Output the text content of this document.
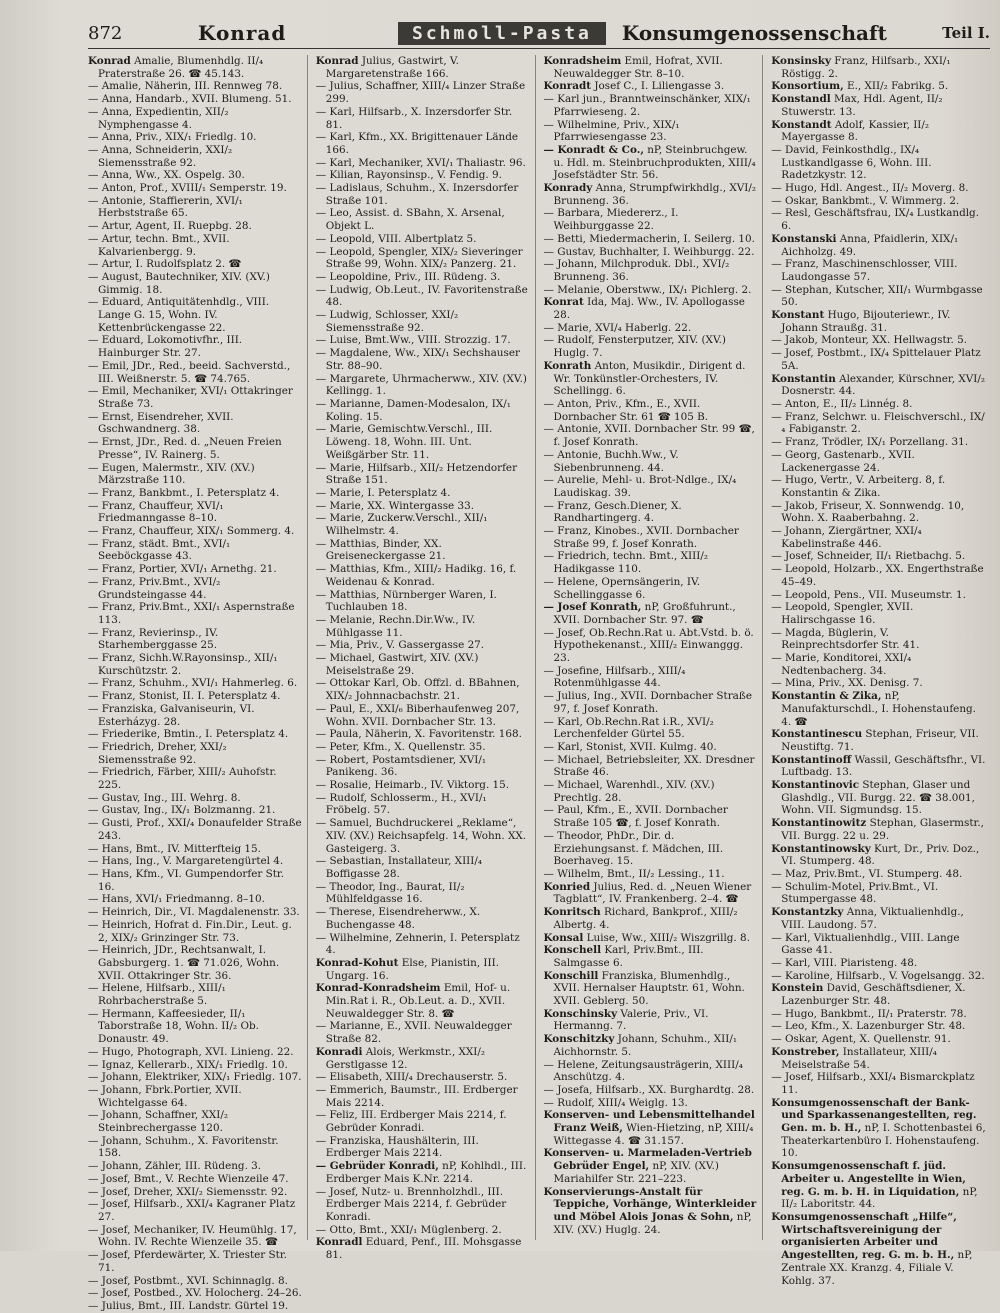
872	Konrad	Schmoll-Pasta	Konsumgenossenschaft	Teil I.

Konrad Amalie, Blumenhdlg. II/₄ Praterstraße 26. ☎ 45.143.

— Amalie, Näherin, III. Rennweg 78.

— Anna, Handarb., XVII. Blumeng. 51.

— Anna, Expedientin, XII/₂ Nymphengasse 4.

— Anna, Priv., XIX/₁ Friedlg. 10.

— Anna, Schneiderin, XXI/₂ Siemensstraße 92.

— Anna, Ww., XX. Ospelg. 30.

— Anton, Prof., XVIII/₁ Semperstr. 19.

— Antonie, Staffiererin, XVI/₁ Herbststraße 65.

— Artur, Agent, II. Ruepbg. 28.

— Artur, techn. Bmt., XVII. Kalvarienbergg. 9.

— Artur, I. Rudolfsplatz 2. ☎

— August, Bautechniker, XIV. (XV.) Gimmig. 18.

— Eduard, Antiquitätenhdlg., VIII. Lange G. 15, Wohn. IV. Kettenbrückengasse 22.

— Eduard, Lokomotivfhr., III. Hainburger Str. 27.

— Emil, JDr., Red., beeid. Sachverstd., III. Weißnerstr. 5. ☎ 74.765.

— Emil, Mechaniker, XVI/₁ Ottakringer Straße 73.

— Ernst, Eisendreher, XVII. Gschwandnerg. 38.

— Ernst, JDr., Red. d. „Neuen Freien Presse“, IV. Rainerg. 5.

— Eugen, Malermstr., XIV. (XV.) Märzstraße 110.

— Franz, Bankbmt., I. Petersplatz 4.

— Franz, Chauffeur, XVI/₁ Friedmanngasse 8–10.

— Franz, Chauffeur, XIX/₁ Sommerg. 4.

— Franz, städt. Bmt., XVI/₁ Seeböckgasse 43.

— Franz, Portier, XVI/₁ Arnethg. 21.

— Franz, Priv.Bmt., XVI/₂ Grundsteingasse 44.

— Franz, Priv.Bmt., XXI/₁ Aspernstraße 113.

— Franz, Revierinsp., IV. Starhemberggasse 25.

— Franz, Sichh.W.Rayonsinsp., XII/₁ Kurschützstr. 2.

— Franz, Schuhm., XVI/₁ Hahmerleg. 6.

— Franz, Stonist, II. I. Petersplatz 4.

— Franziska, Galvaniseurin, VI. Esterházyg. 28.

— Friederike, Bmtin., I. Petersplatz 4.

— Friedrich, Dreher, XXI/₂ Siemensstraße 92.

— Friedrich, Färber, XIII/₂ Auhofstr. 225.

— Gustav, Ing., III. Wehrg. 8.

— Gustav, Ing., IX/₁ Bolzmanng. 21.

— Gusti, Prof., XXI/₄ Donaufelder Straße 243.

— Hans, Bmt., IV. Mitterfteig 15.

— Hans, Ing., V. Margaretengürtel 4.

— Hans, Kfm., VI. Gumpendorfer Str. 16.

— Hans, XVI/₁ Friedmanng. 8–10.

— Heinrich, Dir., VI. Magdalenenstr. 33.

— Heinrich, Hofrat d. Fin.Dir., Leut. g. 2, XIX/₂ Grinzinger Str. 73.

— Heinrich, JDr., Rechtsanwalt, I. Gabsburgerg. 1. ☎ 71.026, Wohn. XVII. Ottakringer Str. 36.

— Helene, Hilfsarb., XIII/₁ Rohrbacherstraße 5.

— Hermann, Kaffeesieder, II/₁ Taborstraße 18, Wohn. II/₂ Ob. Donaustr. 49.

— Hugo, Photograph, XVI. Linieng. 22.

— Ignaz, Kellerarb., XIX/₁ Friedlg. 10.

— Johann, Elektriker, XIX/₁ Friedlg. 107.

— Johann, Fbrk.Portier, XVII. Wichtelgasse 64.

— Johann, Schaffner, XXI/₂ Steinbrechergasse 120.

— Johann, Schuhm., X. Favoritenstr. 158.

— Johann, Zähler, III. Rüdeng. 3.

— Josef, Bmt., V. Rechte Wienzeile 47.

— Josef, Dreher, XXI/₂ Siemensstr. 92.

— Josef, Hilfsarb., XXI/₄ Kagraner Platz 27.

— Josef, Mechaniker, IV. Heumühlg. 17, Wohn. IV. Rechte Wienzeile 35. ☎

— Josef, Pferdewärter, X. Triester Str. 71.

— Josef, Postbmt., XVI. Schinnaglg. 8.

— Josef, Postbed., XV. Holocherg. 24–26.

— Julius, Bmt., III. Landstr. Gürtel 19.

Konrad Julius, Gastwirt, V. Margaretenstraße 166.

— Julius, Schaffner, XIII/₄ Linzer Straße 299.

— Karl, Hilfsarb., X. Inzersdorfer Str. 81.

— Karl, Kfm., XX. Brigittenauer Lände 166.

— Karl, Mechaniker, XVI/₁ Thaliastr. 96.

— Kilian, Rayonsinsp., V. Fendig. 9.

— Ladislaus, Schuhm., X. Inzersdorfer Straße 101.

— Leo, Assist. d. SBahn, X. Arsenal, Objekt L.

— Leopold, VIII. Albertplatz 5.

— Leopold, Spengler, XIX/₂ Sieveringer Straße 99, Wohn. XIX/₂ Panzerg. 21.

— Leopoldine, Priv., III. Rüdeng. 3.

— Ludwig, Ob.Leut., IV. Favoritenstraße 48.

— Ludwig, Schlosser, XXI/₂ Siemensstraße 92.

— Luise, Bmt.Ww., VIII. Strozzig. 17.

— Magdalene, Ww., XIX/₁ Sechshauser Str. 88–90.

— Margarete, Uhrmacherww., XIV. (XV.) Kellingg. 1.

— Marianne, Damen-Modesalon, IX/₁ Koling. 15.

— Marie, Gemischtw.Verschl., III. Löweng. 18, Wohn. III. Unt. Weißgärber Str. 11.

— Marie, Hilfsarb., XII/₂ Hetzendorfer Straße 151.

— Marie, I. Petersplatz 4.

— Marie, XX. Wintergasse 33.

— Marie, Zuckerw.Verschl., XII/₁ Wilhelmstr. 4.

— Matthias, Binder, XX. Greiseneckergasse 21.

— Matthias, Kfm., XIII/₂ Hadikg. 16, f. Weidenau & Konrad.

— Matthias, Nürnberger Waren, I. Tuchlauben 18.

— Melanie, Rechn.Dir.Ww., IV. Mühlgasse 11.

— Mia, Priv., V. Gassergasse 27.

— Michael, Gastwirt, XIV. (XV.) Meiselstraße 29.

— Ottokar Karl, Ob. Offzl. d. BBahnen, XIX/₂ Johnnacbachstr. 21.

— Paul, E., XXI/₆ Biberhaufenweg 207, Wohn. XVII. Dornbacher Str. 13.

— Paula, Näherin, X. Favoritenstr. 168.

— Peter, Kfm., X. Quellenstr. 35.

— Robert, Postamtsdiener, XVI/₁ Panikeng. 36.

— Rosalie, Heimarb., IV. Viktorg. 15.

— Rudolf, Schlosserm., H., XVI/₁ Fröbelg. 57.

— Samuel, Buchdruckerei „Reklame“, XIV. (XV.) Reichsapfelg. 14, Wohn. XX. Gasteigerg. 3.

— Sebastian, Installateur, XIII/₄ Boffigasse 28.

— Theodor, Ing., Baurat, II/₂ Mühlfeldgasse 16.

— Therese, Eisendreherww., X. Buchengasse 48.

— Wilhelmine, Zehnerin, I. Petersplatz 4.

Konrad-Kohut Else, Pianistin, III. Ungarg. 16.

Konrad-Konradsheim Emil, Hof- u. Min.Rat i. R., Ob.Leut. a. D., XVII. Neuwaldegger Str. 8. ☎

— Marianne, E., XVII. Neuwaldegger Straße 82.

Konradi Alois, Werkmstr., XXI/₂ Gerstlgasse 12.

— Elisabeth, XIII/₄ Drechauserstr. 5.

— Emmerich, Baumstr., III. Erdberger Mais 2214.

— Feliz, III. Erdberger Mais 2214, f. Gebrüder Konradi.

— Franziska, Haushälterin, III. Erdberger Mais 2214.

— Gebrüder Konradi, nP, Kohlhdl., III. Erdberger Mais K.Nr. 2214.

— Josef, Nutz- u. Brennholzhdl., III. Erdberger Mais 2214, f. Gebrüder Konradi.

— Otto, Bmt., XXI/₁ Müglenberg. 2.

Konradl Eduard, Penf., III. Mohsgasse 81.

Konradsheim Emil, Hofrat, XVII. Neuwaldegger Str. 8–10.

Konradt Josef C., I. Liliengasse 3.

— Karl jun., Branntweinschänker, XIX/₁ Pfarrwieseng. 2.

— Wilhelmine, Priv., XIX/₁ Pfarrwiesengasse 23.

— Konradt & Co., nP, Steinbruchgew. u. Hdl. m. Steinbruchprodukten, XIII/₄ Josefstädter Str. 56.

Konrady Anna, Strumpfwirkhdlg., XVI/₂ Brunneng. 36.

— Barbara, Miedererz., I. Weihburggasse 22.

— Betti, Miedermacherin, I. Seilerg. 10.

— Gustav, Buchhalter, I. Weihburgg. 22.

— Johann, Milchproduk. Dbl., XVI/₂ Brunneng. 36.

— Melanie, Oberstww., IX/₁ Pichlerg. 2.

Konrat Ida, Maj. Ww., IV. Apollogasse 28.

— Marie, XVI/₄ Haberlg. 22.

— Rudolf, Fensterputzer, XIV. (XV.) Huglg. 7.

Konrath Anton, Musikdir., Dirigent d. Wr. Tonkünstler-Orchesters, IV. Schellingg. 6.

— Anton, Priv., Kfm., E., XVII. Dornbacher Str. 61 ☎ 105 B.

— Antonie, XVII. Dornbacher Str. 99 ☎, f. Josef Konrath.

— Antonie, Buchh.Ww., V. Siebenbrunneng. 44.

— Aurelie, Mehl- u. Brot-Ndlge., IX/₄ Laudiskag. 39.

— Franz, Gesch.Diener, X. Randhartingerg. 4.

— Franz, Kinobes., XVII. Dornbacher Straße 99, f. Josef Konrath.

— Friedrich, techn. Bmt., XIII/₂ Hadikgasse 110.

— Helene, Opernsängerin, IV. Schellinggasse 6.

— Josef Konrath, nP, Großfuhrunt., XVII. Dornbacher Str. 97. ☎

— Josef, Ob.Rechn.Rat u. Abt.Vstd. b. ö. Hypothekenanst., XIII/₂ Einwanggg. 23.

— Josefine, Hilfsarb., XIII/₄ Rotenmühlgasse 44.

— Julius, Ing., XVII. Dornbacher Straße 97, f. Josef Konrath.

— Karl, Ob.Rechn.Rat i.R., XVI/₂ Lerchenfelder Gürtel 55.

— Karl, Stonist, XVII. Kulmg. 40.

— Michael, Betriebsleiter, XX. Dresdner Straße 46.

— Michael, Warenhdl., XIV. (XV.) Prechtlg. 28.

— Paul, Kfm., E., XVII. Dornbacher Straße 105 ☎, f. Josef Konrath.

— Theodor, PhDr., Dir. d. Erziehungsanst. f. Mädchen, III. Boerhaveg. 15.

— Wilhelm, Bmt., II/₂ Lessing., 11.

Konried Julius, Red. d. „Neuen Wiener Tagblatt“, IV. Frankenberg. 2–4. ☎

Konritsch Richard, Bankprof., XIII/₂ Albertg. 4.

Konsal Luise, Ww., XIII/₂ Wiszgrillg. 8.

Konschell Karl, Priv.Bmt., III. Salmgasse 6.

Konschill Franziska, Blumenhdlg., XVII. Hernalser Hauptstr. 61, Wohn. XVII. Geblerg. 50.

Konschinsky Valerie, Priv., VI. Hermanng. 7.

Konschitzky Johann, Schuhm., XII/₁ Aichhornstr. 5.

— Helene, Zeitungsausträgerin, XIII/₄ Anschützg. 4.

— Josefa, Hilfsarb., XX. Burghardtg. 28.

— Rudolf, XIII/₄ Weiglg. 13.

Konserven- und Lebensmittelhandel Franz Weiß, Wien-Hietzing, nP, XIII/₄ Wittegasse 4. ☎ 31.157.

Konserven- u. Marmeladen-Vertrieb Gebrüder Engel, nP, XIV. (XV.) Mariahilfer Str. 221–223.

Konservierungs-Anstalt für Teppiche, Vorhänge, Winterkleider und Möbel Alois Jonas & Sohn, nP, XIV. (XV.) Huglg. 24.

Konsinsky Franz, Hilfsarb., XXI/₁ Röstigg. 2.

Konsortium, E., XII/₂ Fabrikg. 5.

Konstandl Max, Hdl. Agent, II/₂ Stuwerstr. 13.

Konstandt Adolf, Kassier, II/₂ Mayergasse 8.

— David, Feinkosthdlg., IX/₄ Lustkandlgasse 6, Wohn. III. Radetzkystr. 12.

— Hugo, Hdl. Angest., II/₂ Moverg. 8.

— Oskar, Bankbmt., V. Wimmerg. 2.

— Resl, Geschäftsfrau, IX/₄ Lustkandlg. 6.

Konstanski Anna, Pfaidlerin, XIX/₁ Aichholzg. 49.

— Franz, Maschinenschlosser, VIII. Laudongasse 57.

— Stephan, Kutscher, XII/₁ Wurmbgasse 50.

Konstant Hugo, Bijouteriewr., IV. Johann Straußg. 31.

— Jakob, Monteur, XX. Hellwagstr. 5.

— Josef, Postbmt., IX/₄ Spittelauer Platz 5A.

Konstantin Alexander, Kürschner, XVI/₂ Dosnerstr. 44.

— Anton, E., II/₂ Linnég. 8.

— Franz, Selchwr. u. Fleischverschl., IX/₄ Fabiganstr. 2.

— Franz, Trödler, IX/₁ Porzellang. 31.

— Georg, Gastenarb., XVII. Lackenergasse 24.

— Hugo, Vertr., V. Arbeiterg. 8, f. Konstantin & Zika.

— Jakob, Friseur, X. Sonnwendg. 10, Wohn. X. Raaberbahng. 2.

— Johann, Ziergärtner, XXI/₄ Kabelinstraße 446.

— Josef, Schneider, II/₁ Rietbachg. 5.

— Leopold, Holzarb., XX. Engerthstraße 45–49.

— Leopold, Pens., VII. Museumstr. 1.

— Leopold, Spengler, XVII. Halirschgasse 16.

— Magda, Büglerin, V. Reinprechtsdorfer Str. 41.

— Marie, Konditorei, XXI/₄ Nedtenbacherg. 34.

— Mina, Priv., XX. Denisg. 7.

Konstantin & Zika, nP, Manufakturschdl., I. Hohenstaufeng. 4. ☎

Konstantinescu Stephan, Friseur, VII. Neustiftg. 71.

Konstantinoff Wassil, Geschäftsfhr., VI. Luftbadg. 13.

Konstantinovic Stephan, Glaser und Glashdlg., VII. Burgg. 22. ☎ 38.001, Wohn. VII. Sigmundsg. 15.

Konstantinowitz Stephan, Glasermstr., VII. Burgg. 22 u. 29.

Konstantinowsky Kurt, Dr., Priv. Doz., VI. Stumperg. 48.

— Maz, Priv.Bmt., VI. Stumperg. 48.

— Schulim-Motel, Priv.Bmt., VI. Stumpergasse 48.

Konstantzky Anna, Viktualienhdlg., VIII. Laudong. 57.

— Karl, Viktualienhdlg., VIII. Lange Gasse 41.

— Karl, VIII. Piaristeng. 48.

— Karoline, Hilfsarb., V. Vogelsangg. 32.

Konstein David, Geschäftsdiener, X. Lazenburger Str. 48.

— Hugo, Bankbmt., II/₁ Praterstr. 78.

— Leo, Kfm., X. Lazenburger Str. 48.

— Oskar, Agent, X. Quellenstr. 91.

Konstreber, Installateur, XIII/₄ Meiselstraße 54.

— Josef, Hilfsarb., XXI/₄ Bismarckplatz 11.

Konsumgenossenschaft der Bank- und Sparkassenangestellten, reg. Gen. m. b. H., nP, I. Schottenbastei 6, Theaterkartenbüro I. Hohenstaufeng. 10.

Konsumgenossenschaft f. jüd. Arbeiter u. Angestellte in Wien, reg. G. m. b. H. in Liquidation, nP, II/₂ Laboritstr. 44.

Konsumgenossenschaft „Hilfe“, Wirtschaftsvereinigung der organisierten Arbeiter und Angestellten, reg. G. m. b. H., nP, Zentrale XX. Kranzg. 4, Filiale V. Kohlg. 37.
